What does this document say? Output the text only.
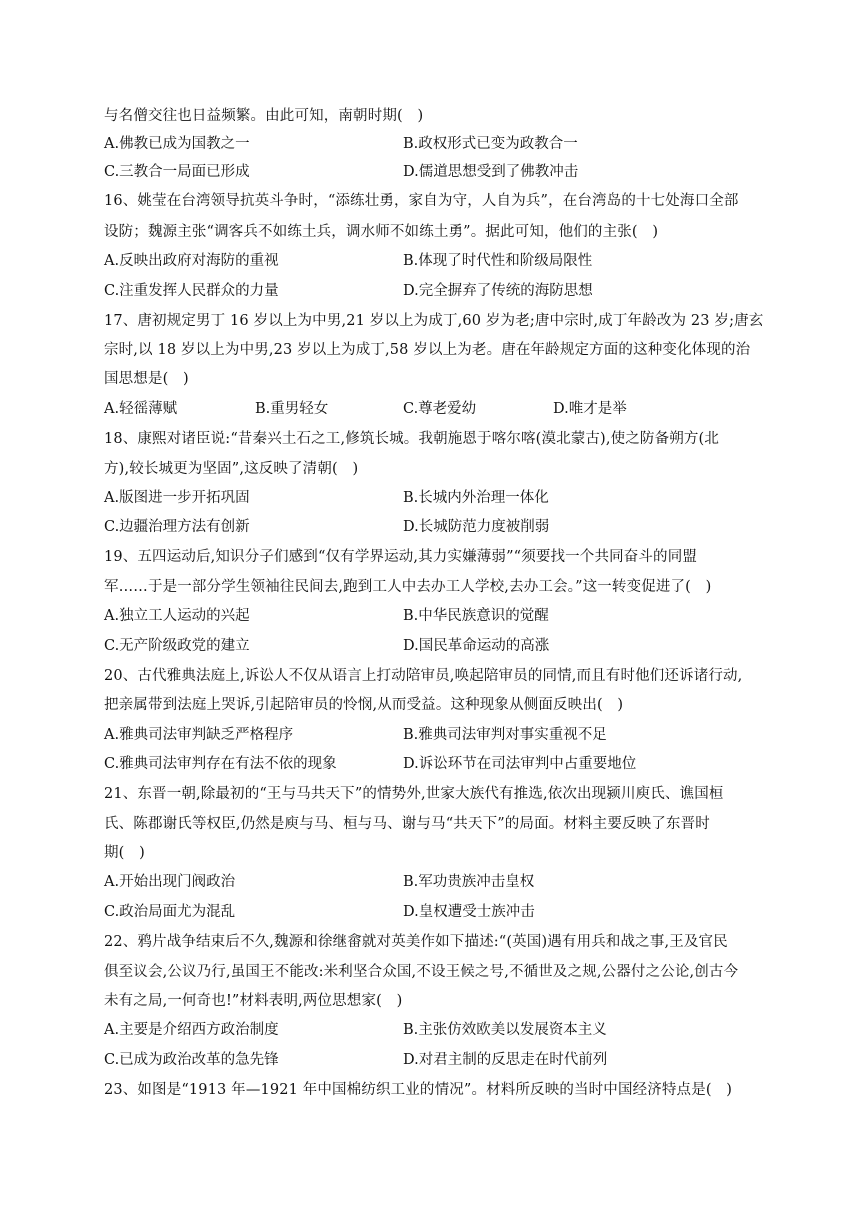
与名僧交往也日益频繁。由此可知，南朝时期(　)
A.佛教已成为国教之一	B.政权形式已变为政教合一
C.三教合一局面已形成	D.儒道思想受到了佛教冲击
16、姚莹在台湾领导抗英斗争时，“添练壮勇，家自为守，人自为兵”，在台湾岛的十七处海口全部
设防；魏源主张“调客兵不如练土兵，调水师不如练土勇”。据此可知，他们的主张(　)
A.反映出政府对海防的重视	B.体现了时代性和阶级局限性
C.注重发挥人民群众的力量	D.完全摒弃了传统的海防思想
17、唐初规定男丁 16 岁以上为中男,21 岁以上为成丁,60 岁为老;唐中宗时,成丁年龄改为 23 岁;唐玄
宗时,以 18 岁以上为中男,23 岁以上为成丁,58 岁以上为老。唐在年龄规定方面的这种变化体现的治
国思想是(　)
A.轻徭薄赋	B.重男轻女	C.尊老爱幼	D.唯才是举
18、康熙对诸臣说:“昔秦兴土石之工,修筑长城。我朝施恩于喀尔喀(漠北蒙古),使之防备朔方(北
方),较长城更为坚固”,这反映了清朝(　)
A.版图进一步开拓巩固	B.长城内外治理一体化
C.边疆治理方法有创新	D.长城防范力度被削弱
19、五四运动后,知识分子们感到“仅有学界运动,其力实嫌薄弱”“须要找一个共同奋斗的同盟
军……于是一部分学生领袖往民间去,跑到工人中去办工人学校,去办工会。”这一转变促进了(　)
A.独立工人运动的兴起	B.中华民族意识的觉醒
C.无产阶级政党的建立	D.国民革命运动的高涨
20、古代雅典法庭上,诉讼人不仅从语言上打动陪审员,唤起陪审员的同情,而且有时他们还诉诸行动,
把亲属带到法庭上哭诉,引起陪审员的怜悯,从而受益。这种现象从侧面反映出(　)
A.雅典司法审判缺乏严格程序	B.雅典司法审判对事实重视不足
C.雅典司法审判存在有法不依的现象	D.诉讼环节在司法审判中占重要地位
21、东晋一朝,除最初的“王与马共天下”的情势外,世家大族代有推选,依次出现颍川庾氏、谯国桓
氏、陈郡谢氏等权臣,仍然是庾与马、桓与马、谢与马“共天下”的局面。材料主要反映了东晋时
期(　)
A.开始出现门阀政治	B.军功贵族冲击皇权
C.政治局面尤为混乱	D.皇权遭受士族冲击
22、鸦片战争结束后不久,魏源和徐继畲就对英美作如下描述:“(英国)遇有用兵和战之事,王及官民
俱至议会,公议乃行,虽国王不能改:米利坚合众国,不设王候之号,不循世及之规,公器付之公论,创古今
未有之局,一何奇也!”材料表明,两位思想家(　)
A.主要是介绍西方政治制度	B.主张仿效欧美以发展资本主义
C.已成为政治改革的急先锋	D.对君主制的反思走在时代前列
23、如图是“1913 年—1921 年中国棉纺织工业的情况”。材料所反映的当时中国经济特点是(　)
